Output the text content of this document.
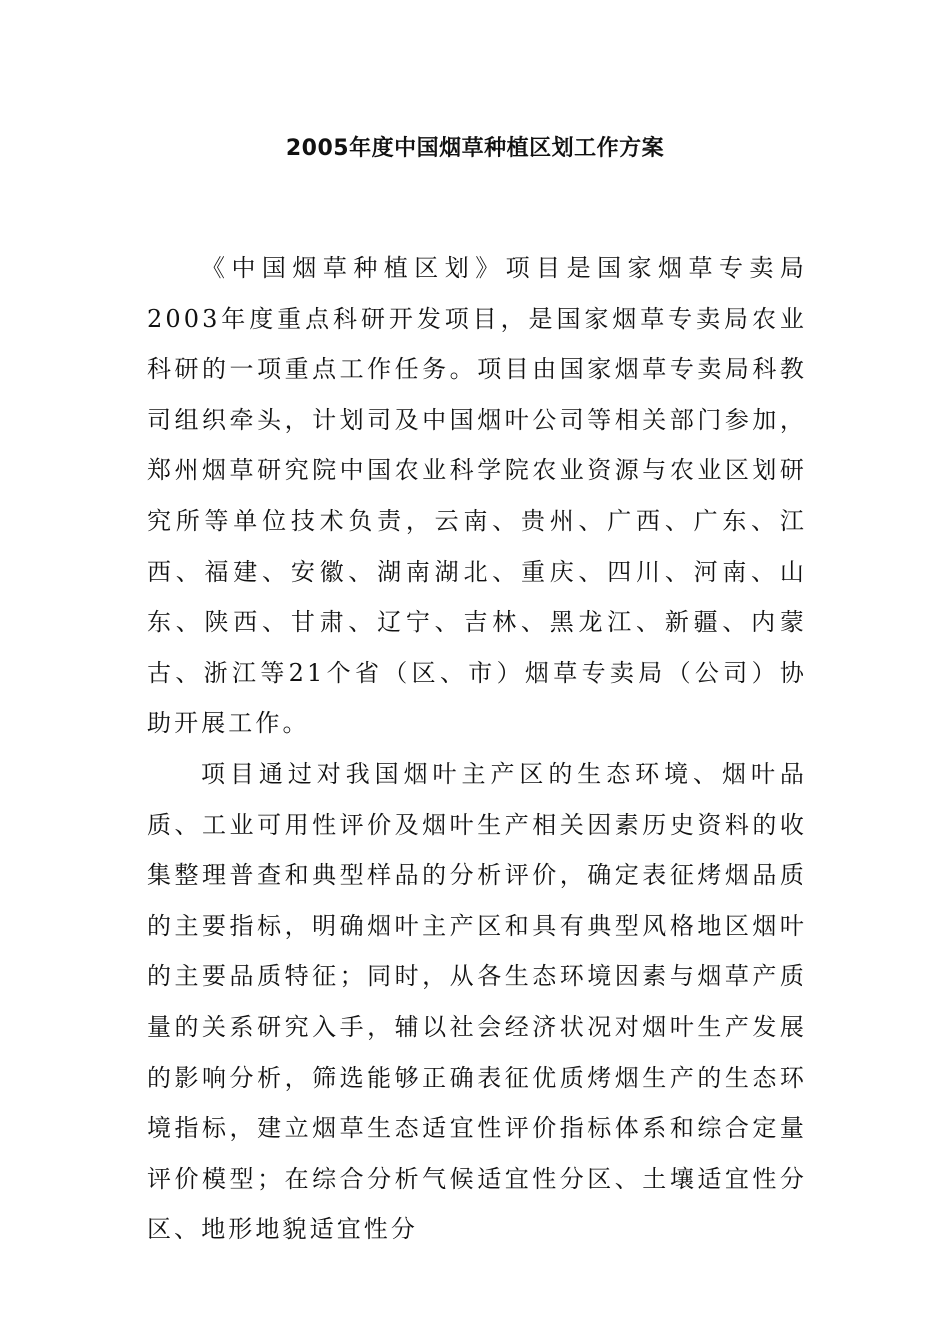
2005年度中国烟草种植区划工作方案

《中国烟草种植区划》项目是国家烟草专卖局2003年度重点科研开发项目，是国家烟草专卖局农业科研的一项重点工作任务。项目由国家烟草专卖局科教司组织牵头，计划司及中国烟叶公司等相关部门参加，郑州烟草研究院中国农业科学院农业资源与农业区划研究所等单位技术负责，云南、贵州、广西、广东、江西、福建、安徽、湖南湖北、重庆、四川、河南、山东、陕西、甘肃、辽宁、吉林、黑龙江、新疆、内蒙古、浙江等21个省（区、市）烟草专卖局（公司）协助开展工作。

项目通过对我国烟叶主产区的生态环境、烟叶品质、工业可用性评价及烟叶生产相关因素历史资料的收集整理普查和典型样品的分析评价，确定表征烤烟品质的主要指标，明确烟叶主产区和具有典型风格地区烟叶的主要品质特征；同时，从各生态环境因素与烟草产质量的关系研究入手，辅以社会经济状况对烟叶生产发展的影响分析，筛选能够正确表征优质烤烟生产的生态环境指标，建立烟草生态适宜性评价指标体系和综合定量评价模型；在综合分析气候适宜性分区、土壤适宜性分区、地形地貌适宜性分
